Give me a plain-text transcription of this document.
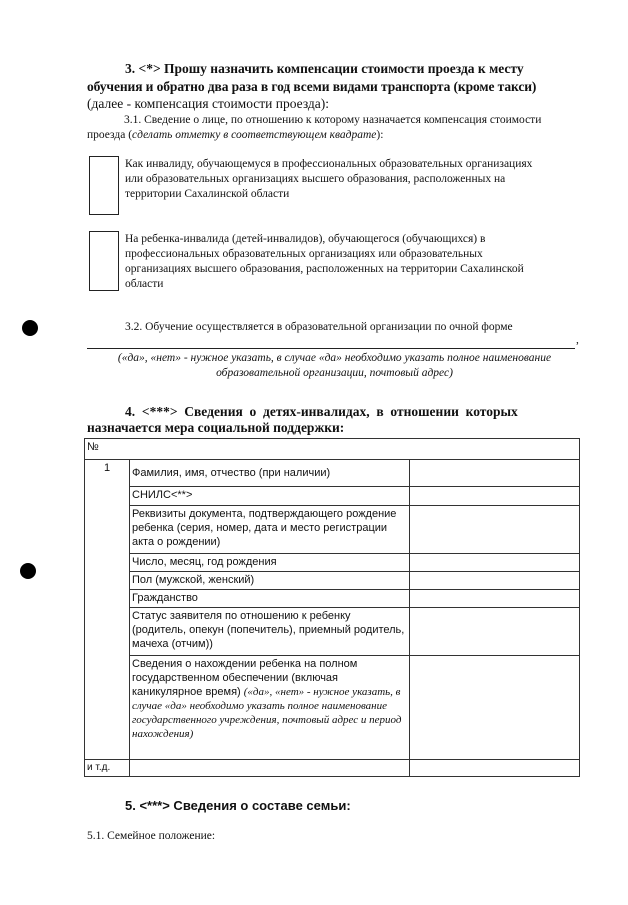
3. <*> Прошу назначить компенсации стоимости проезда к месту
обучения и обратно два раза в год всеми видами транспорта (кроме такси)
(далее - компенсация стоимости проезда):
3.1. Сведение о лице, по отношению к которому назначается компенсация стоимости
проезда (сделать отметку в соответствующем квадрате):
Как инвалиду, обучающемуся в профессиональных образовательных организациях
или образовательных организациях высшего образования, расположенных на
территории Сахалинской области
На ребенка-инвалида (детей-инвалидов), обучающегося (обучающихся) в
профессиональных образовательных организациях или образовательных
организациях высшего образования, расположенных на территории Сахалинской
области
3.2. Обучение осуществляется в образовательной организации по очной форме
,
(«да», «нет» - нужное указать, в случае «да» необходимо указать полное наименование
образовательной организации, почтовый адрес)
4.  <***>  Сведения  о  детях-инвалидах,  в  отношении  которых
назначается мера социальной поддержки:
№		
1	Фамилия, имя, отчество (при наличии)	
	СНИЛС<**>	
	Реквизиты документа, подтверждающего рождение ребенка (серия, номер, дата и место регистрации акта о рождении)	
	Число, месяц, год рождения	
	Пол (мужской, женский)	
	Гражданство	
	Статус заявителя по отношению к ребенку (родитель, опекун (попечитель), приемный родитель, мачеха (отчим))	
	Сведения о нахождении ребенка на полном государственном обеспечении (включая каникулярное время) («да», «нет» - нужное указать, в случае «да» необходимо указать полное наименование государственного учреждения, почтовый адрес и период нахождения)	
и т.д.		
5. <***> Сведения о составе семьи:
5.1. Семейное положение:
